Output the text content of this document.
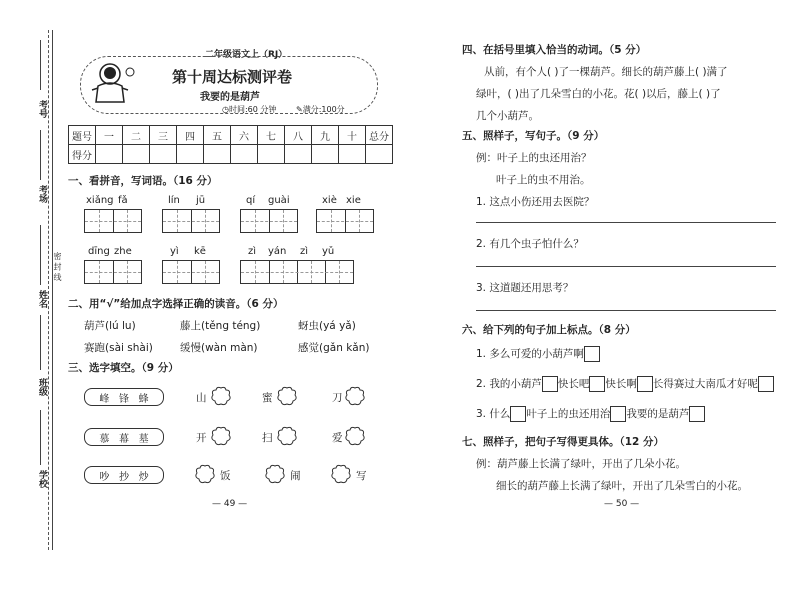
考号
考场
密 封 线
姓名
班级
学校
二年级语文上（RJ）
第十周达标测评卷
我要的是葫芦
◷时间:60 分钟 ✎满分:100分
题号	一	二	三	四	五	六	七	八	九	十	总分
得分											
一、看拼音，写词语。（16 分）
xiǎng fǎ	lín jū	qí guài	xiè xie
dīng zhe	yì kē	zì yán zì yǔ
二、用“√”给加点字选择正确的读音。（6 分）
葫芦(lú lu)	藤上(těng téng)	蚜虫(yá yǎ)
赛跑(sài shài)	缓慢(wàn màn)	感觉(gǎn kǎn)
三、选字填空。（9 分）
峰 锋 蜂	山	蜜	刀
慕 幕 墓	开	扫	爱
吵 抄 炒	饭	闹	写
— 49 —
四、在括号里填入恰当的动词。（5 分）
从前，有个人( )了一棵葫芦。细长的葫芦藤上( )满了
绿叶，( )出了几朵雪白的小花。花( )以后，藤上( )了
几个小葫芦。
五、照样子，写句子。（9 分）
例：叶子上的虫还用治？
叶子上的虫不用治。
1. 这点小伤还用去医院？
2. 有几个虫子怕什么？
3. 这道题还用思考？
六、给下列的句子加上标点。（8 分）
1. 多么可爱的小葫芦啊
2. 我的小葫芦 快长吧 快长啊 长得赛过大南瓜才好呢
3. 什么 叶子上的虫还用治 我要的是葫芦
七、照样子，把句子写得更具体。（12 分）
例：葫芦藤上长满了绿叶，开出了几朵小花。
细长的葫芦藤上长满了绿叶，开出了几朵雪白的小花。
— 50 —
